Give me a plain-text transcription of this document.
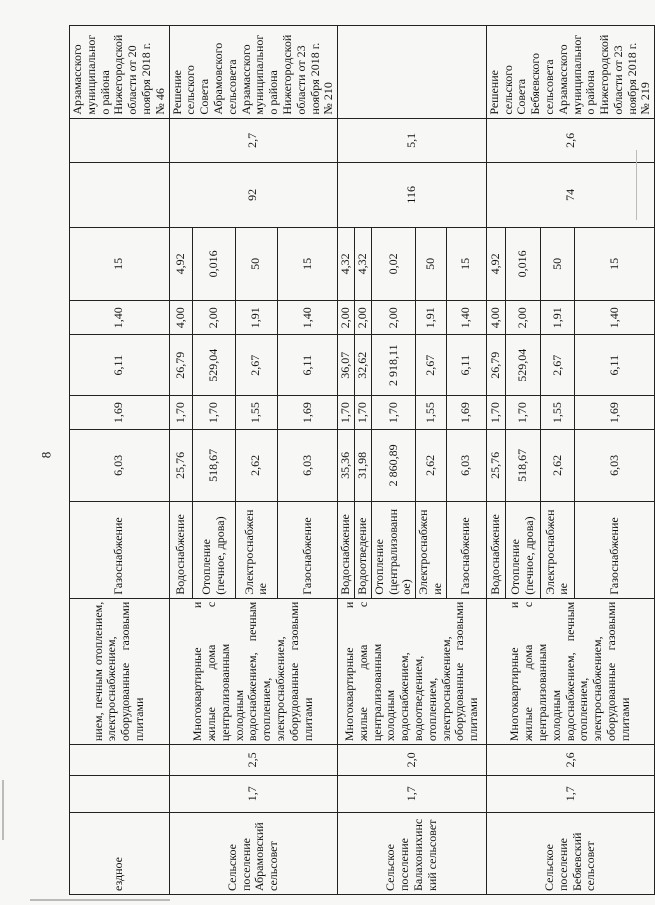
8
ездное			нием, печным отоплением, электроснабжением, оборудованные газовыми плитами	Газоснабжение	6,03	1,69	6,11	1,40	15			Арзамасского муниципального района Нижегородской области от 20 ноября 2018 г. № 46
Сельское поселение Абрамовский сельсовет	1,7	2,5	Многоквартирные и жилые дома с централизованным холодным водоснабжением, печным отоплением, электроснабжением, оборудованные газовыми плитами	Водоснабжение	25,76	1,70	26,79	4,00	4,92	92	2,7	Решение сельского Совета Абрамовского сельсовета Арзамасского муниципального района Нижегородской области от 23 ноября 2018 г. № 210
				Отопление (печное, дрова)	518,67	1,70	529,04	2,00	0,016			
				Электроснабжение	2,62	1,55	2,67	1,91	50			
				Газоснабжение	6,03	1,69	6,11	1,40	15			
Сельское поселение Балахонихинский сельсовет	1,7	2,0	Многоквартирные и жилые дома с централизованным холодным водоснабжением, водоотведением, отоплением, электроснабжением, оборудованные газовыми плитами	Водоснабжение	35,36	1,70	36,07	2,00	4,32	116	5,1	
				Водоотведение	31,98	1,70	32,62	2,00	4,32			
				Отопление (централизованное)	2 860,89	1,70	2 918,11	2,00	0,02			
				Электроснабжение	2,62	1,55	2,67	1,91	50			
				Газоснабжение	6,03	1,69	6,11	1,40	15			
Сельское поселение Бебяевский сельсовет	1,7	2,6	Многоквартирные и жилые дома с централизованным холодным водоснабжением, печным отоплением, электроснабжением, оборудованные газовыми плитами	Водоснабжение	25,76	1,70	26,79	4,00	4,92	74	2,6	Решение сельского Совета Бебяевского сельсовета Арзамасского муниципального района Нижегородской области от 23 ноября 2018 г. № 219
				Отопление (печное, дрова)	518,67	1,70	529,04	2,00	0,016			
				Электроснабжение	2,62	1,55	2,67	1,91	50			
				Газоснабжение	6,03	1,69	6,11	1,40	15			
